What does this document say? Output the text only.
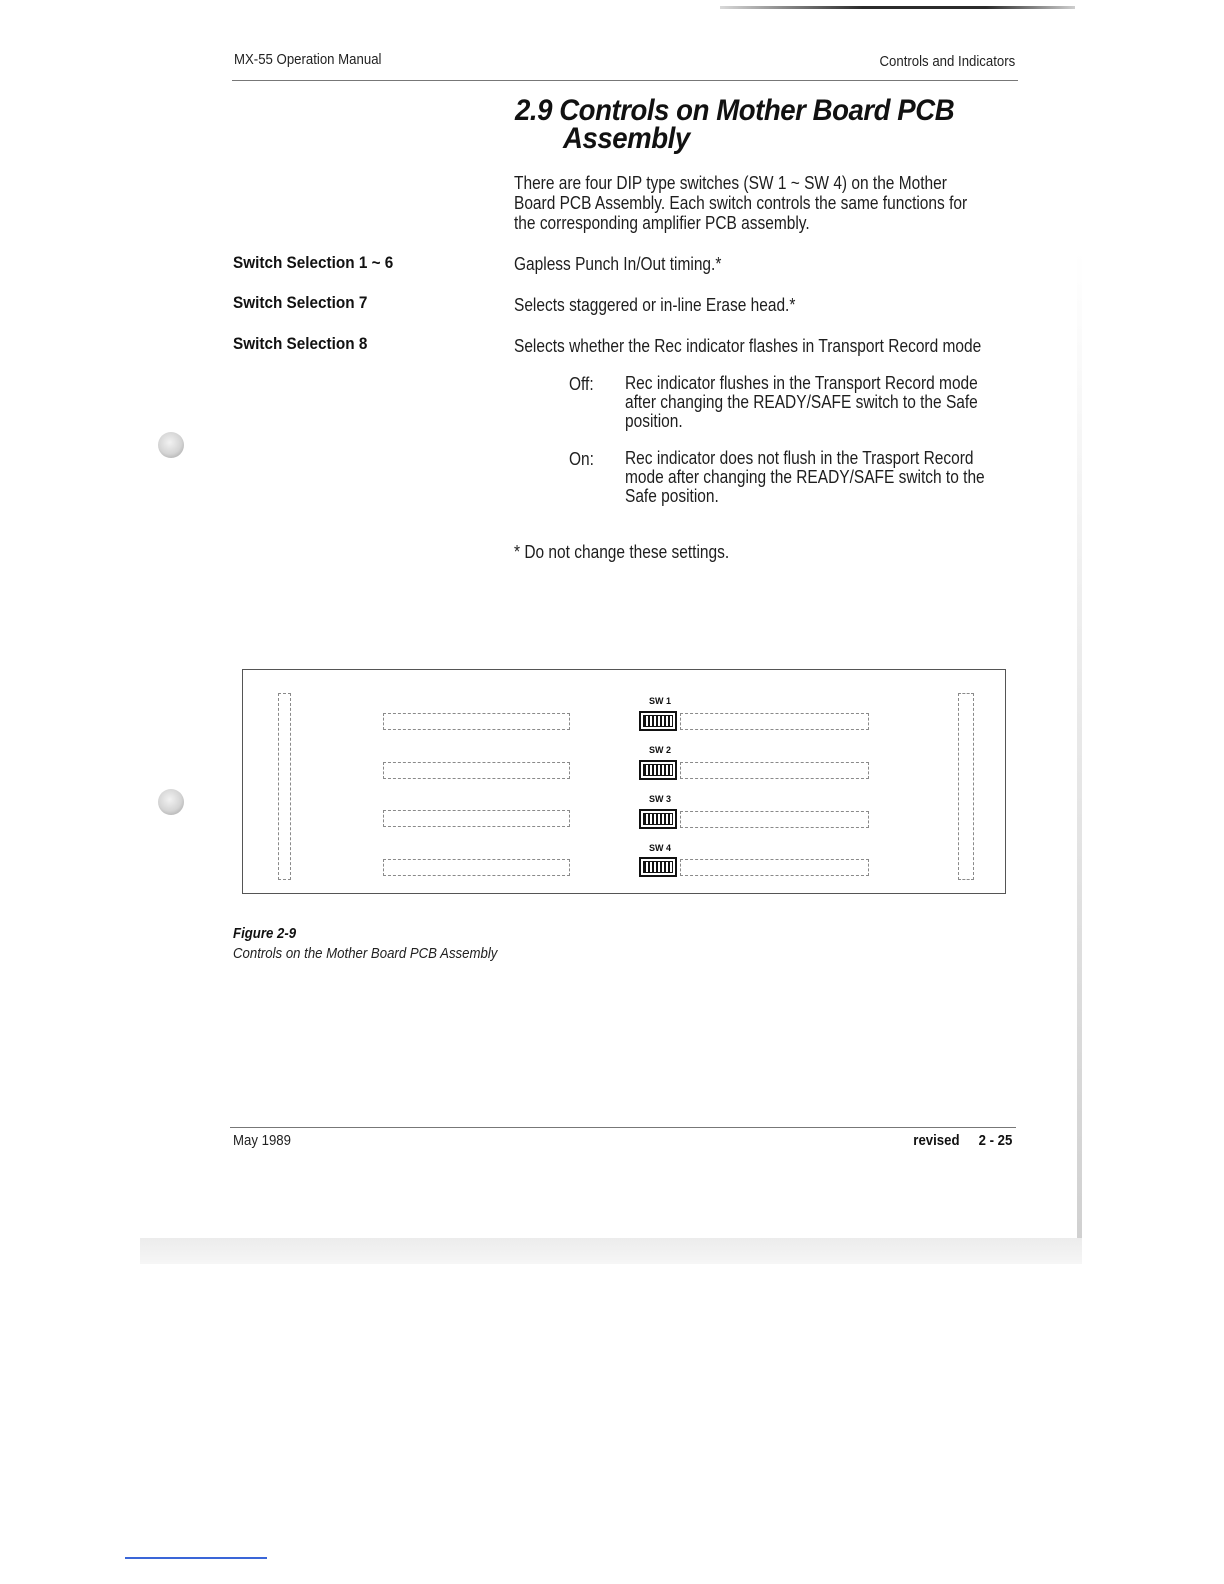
MX-55 Operation Manual	Controls and Indicators
2.9 Controls on Mother Board PCB
Assembly
There are four DIP type switches (SW 1 ~ SW 4) on the Mother
Board PCB Assembly. Each switch controls the same functions for
the corresponding amplifier PCB assembly.
Switch Selection 1 ~ 6	Gapless Punch In/Out timing.*
Switch Selection 7	Selects staggered or in-line Erase head.*
Switch Selection 8	Selects whether the Rec indicator flashes in Transport Record mode
Off: Rec indicator flushes in the Transport Record mode
after changing the READY/SAFE switch to the Safe
position.
On: Rec indicator does not flush in the Trasport Record
mode after changing the READY/SAFE switch to the
Safe position.
* Do not change these settings.
SW 1
SW 2
SW 3
SW 4
Figure 2-9
Controls on the Mother Board PCB Assembly
May 1989	revised 2 - 25
